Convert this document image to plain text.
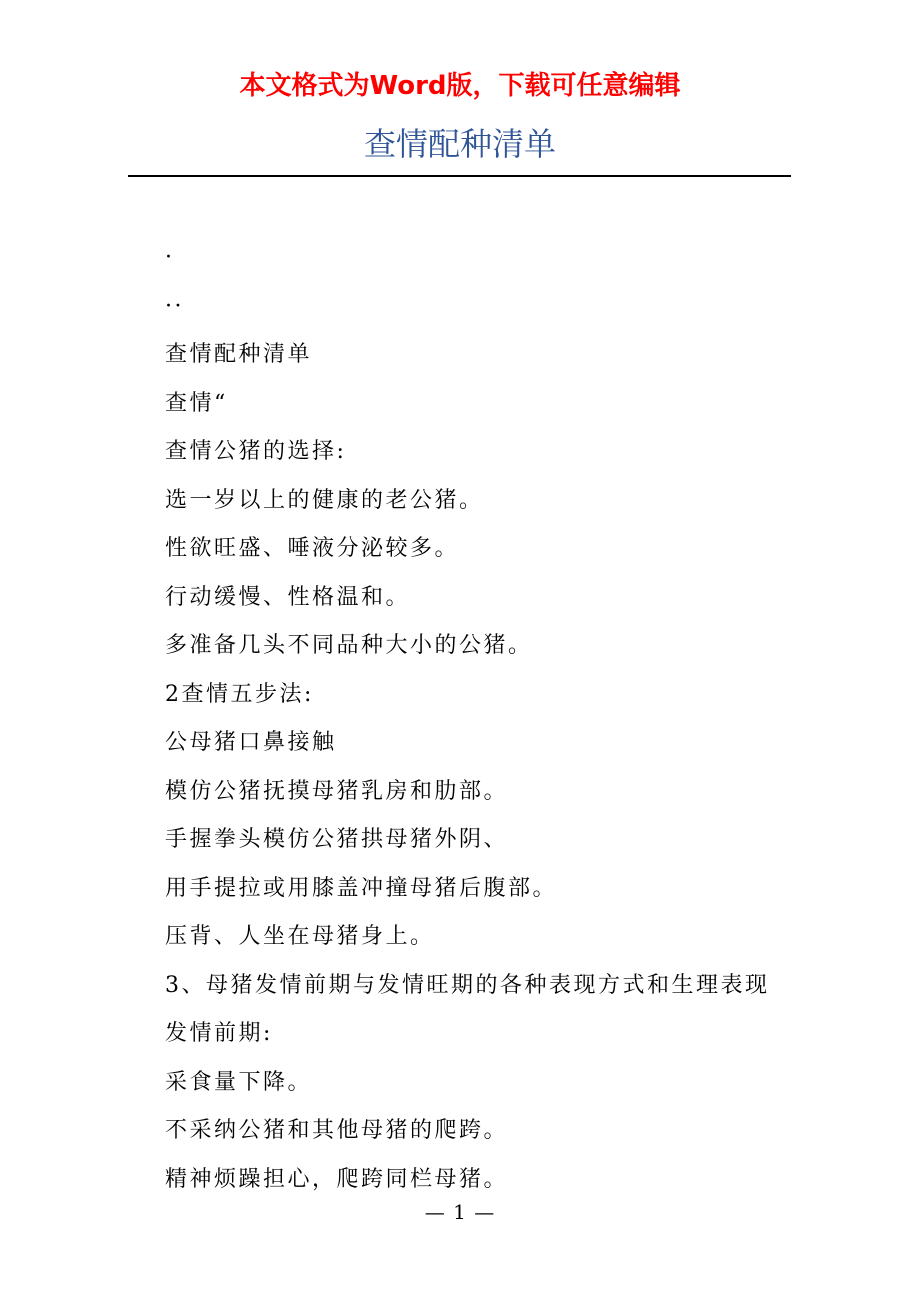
本文格式为Word版，下载可任意编辑
查情配种清单
·
··
查情配种清单
查情“
查情公猪的选择:
选一岁以上的健康的老公猪。
性欲旺盛、唾液分泌较多。
行动缓慢、性格温和。
多准备几头不同品种大小的公猪。
2查情五步法:
公母猪口鼻接触
模仿公猪抚摸母猪乳房和肋部。
手握拳头模仿公猪拱母猪外阴、
用手提拉或用膝盖冲撞母猪后腹部。
压背、人坐在母猪身上。
3、母猪发情前期与发情旺期的各种表现方式和生理表现
发情前期:
采食量下降。
不采纳公猪和其他母猪的爬跨。
精神烦躁担心，爬跨同栏母猪。
— 1 —
